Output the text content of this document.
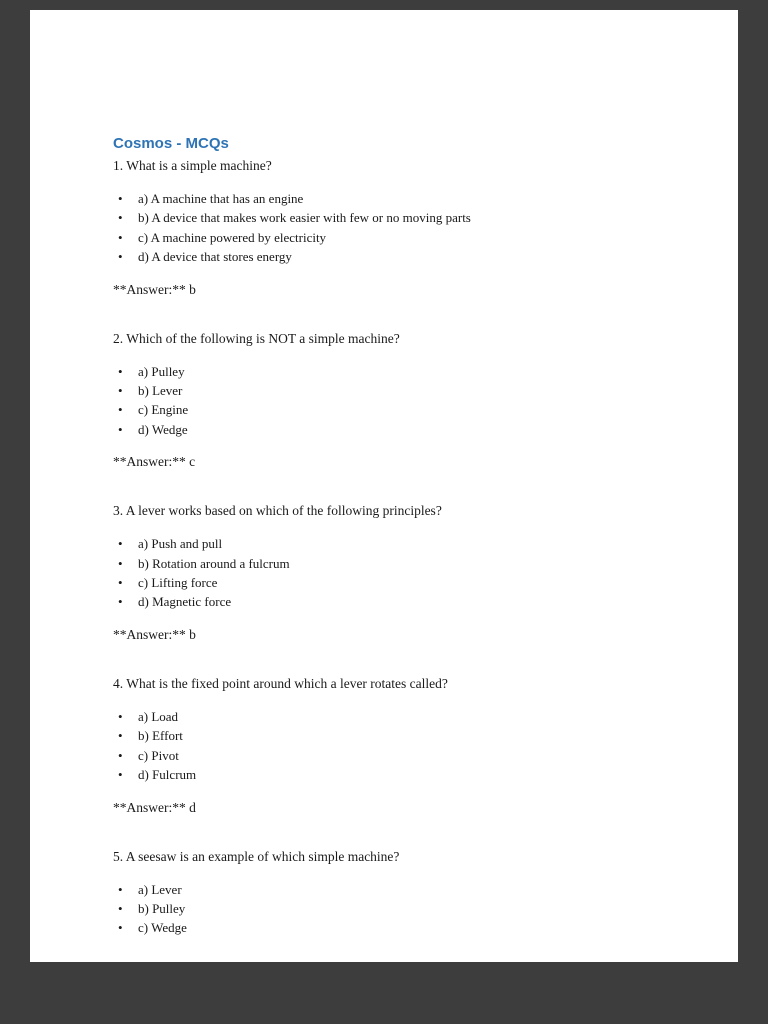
Cosmos - MCQs

1. What is a simple machine?

•	a) A machine that has an engine
•	b) A device that makes work easier with few or no moving parts
•	c) A machine powered by electricity
•	d) A device that stores energy

**Answer:** b

2. Which of the following is NOT a simple machine?

•	a) Pulley
•	b) Lever
•	c) Engine
•	d) Wedge

**Answer:** c

3. A lever works based on which of the following principles?

•	a) Push and pull
•	b) Rotation around a fulcrum
•	c) Lifting force
•	d) Magnetic force

**Answer:** b

4. What is the fixed point around which a lever rotates called?

•	a) Load
•	b) Effort
•	c) Pivot
•	d) Fulcrum

**Answer:** d

5. A seesaw is an example of which simple machine?

•	a) Lever
•	b) Pulley
•	c) Wedge
